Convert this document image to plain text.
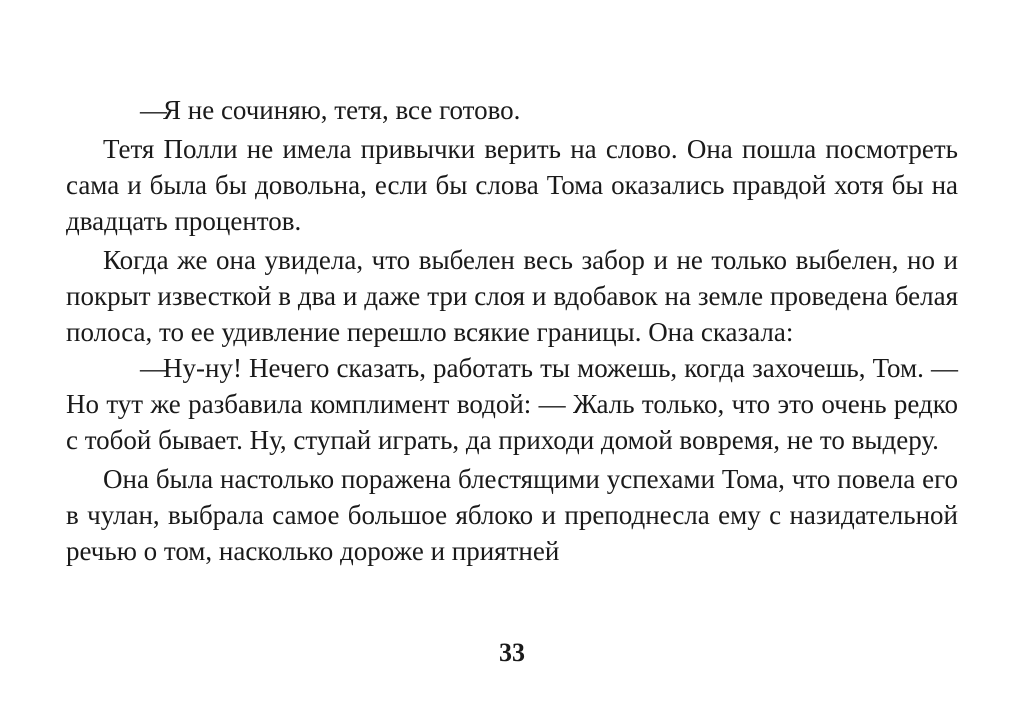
—Я не сочиняю, тетя, все готово.

Тетя Полли не имела привычки верить на слово. Она пошла посмотреть сама и была бы довольна, если бы слова Тома оказались правдой хотя бы на двадцать процентов.

Когда же она увидела, что выбелен весь забор и не только выбелен, но и покрыт известкой в два и даже три слоя и вдобавок на земле проведена белая полоса, то ее удивление перешло всякие границы. Она сказала:

—Ну-ну! Нечего сказать, работать ты можешь, когда захочешь, Том. — Но тут же разбавила комплимент водой: — Жаль только, что это очень редко с тобой бывает. Ну, ступай играть, да приходи домой вовремя, не то выдеру.

Она была настолько поражена блестящими успехами Тома, что повела его в чулан, выбрала самое большое яблоко и преподнесла ему с назидательной речью о том, насколько дороже и приятней

33
